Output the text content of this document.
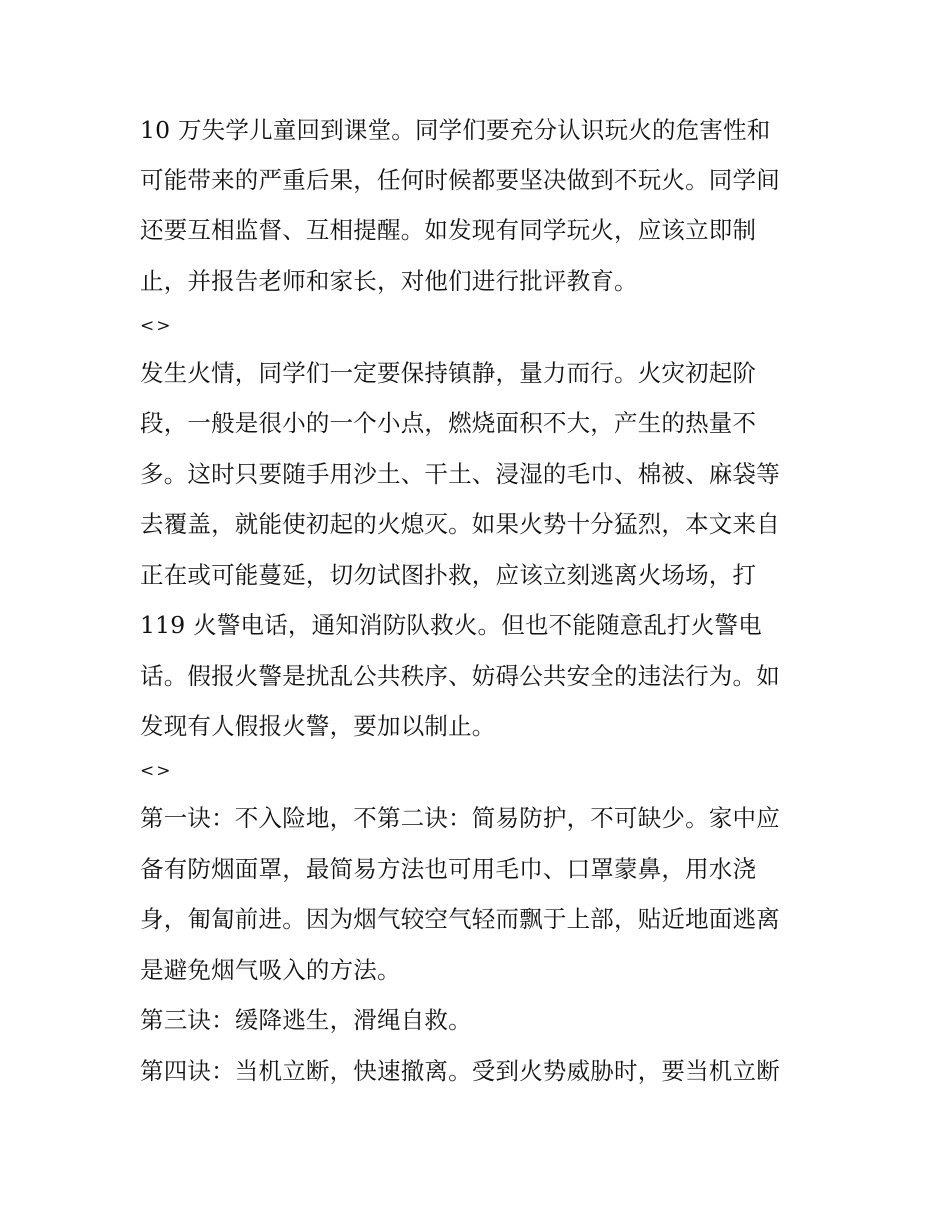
10 万失学儿童回到课堂。同学们要充分认识玩火的危害性和
可能带来的严重后果，任何时候都要坚决做到不玩火。同学间
还要互相监督、互相提醒。如发现有同学玩火，应该立即制
止，并报告老师和家长，对他们进行批评教育。
<>
发生火情，同学们一定要保持镇静，量力而行。火灾初起阶
段，一般是很小的一个小点，燃烧面积不大，产生的热量不
多。这时只要随手用沙土、干土、浸湿的毛巾、棉被、麻袋等
去覆盖，就能使初起的火熄灭。如果火势十分猛烈，本文来自
正在或可能蔓延，切勿试图扑救，应该立刻逃离火场场，打
119 火警电话，通知消防队救火。但也不能随意乱打火警电
话。假报火警是扰乱公共秩序、妨碍公共安全的违法行为。如
发现有人假报火警，要加以制止。
<>
第一诀：不入险地，不第二诀：简易防护，不可缺少。家中应
备有防烟面罩，最简易方法也可用毛巾、口罩蒙鼻，用水浇
身，匍匐前进。因为烟气较空气轻而飘于上部，贴近地面逃离
是避免烟气吸入的方法。
第三诀：缓降逃生，滑绳自救。
第四诀：当机立断，快速撤离。受到火势威胁时，要当机立断
